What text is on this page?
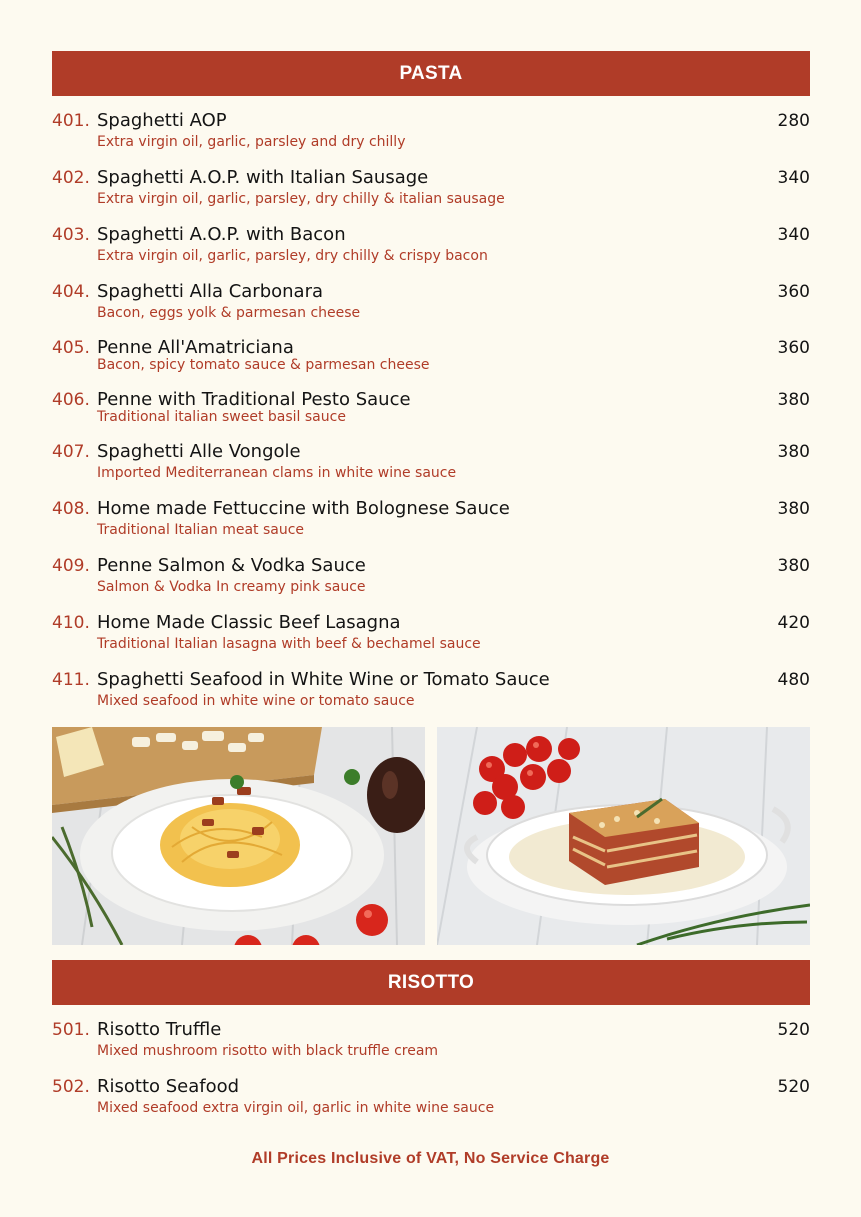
PASTA
401. Spaghetti AOP	280
Extra virgin oil, garlic, parsley and dry chilly
402. Spaghetti A.O.P. with Italian Sausage	340
Extra virgin oil, garlic, parsley, dry chilly & italian sausage
403. Spaghetti A.O.P. with Bacon	340
Extra virgin oil, garlic, parsley, dry chilly & crispy bacon
404. Spaghetti Alla Carbonara	360
Bacon, eggs yolk & parmesan cheese
405. Penne All'Amatriciana	360
Bacon, spicy tomato sauce & parmesan cheese
406. Penne with Traditional Pesto Sauce	380
Traditional italian sweet basil sauce
407. Spaghetti Alle Vongole	380
Imported Mediterranean clams in white wine sauce
408. Home made Fettuccine with Bolognese Sauce	380
Traditional Italian meat sauce
409. Penne Salmon & Vodka Sauce	380
Salmon & Vodka In creamy pink sauce
410. Home Made Classic Beef Lasagna	420
Traditional Italian lasagna with beef & bechamel sauce
411. Spaghetti Seafood in White Wine or Tomato Sauce	480
Mixed seafood in white wine or tomato sauce
RISOTTO
501. Risotto Truffle	520
Mixed mushroom risotto with black truffle cream
502. Risotto Seafood	520
Mixed seafood extra virgin oil, garlic in white wine sauce
All Prices Inclusive of VAT, No Service Charge
